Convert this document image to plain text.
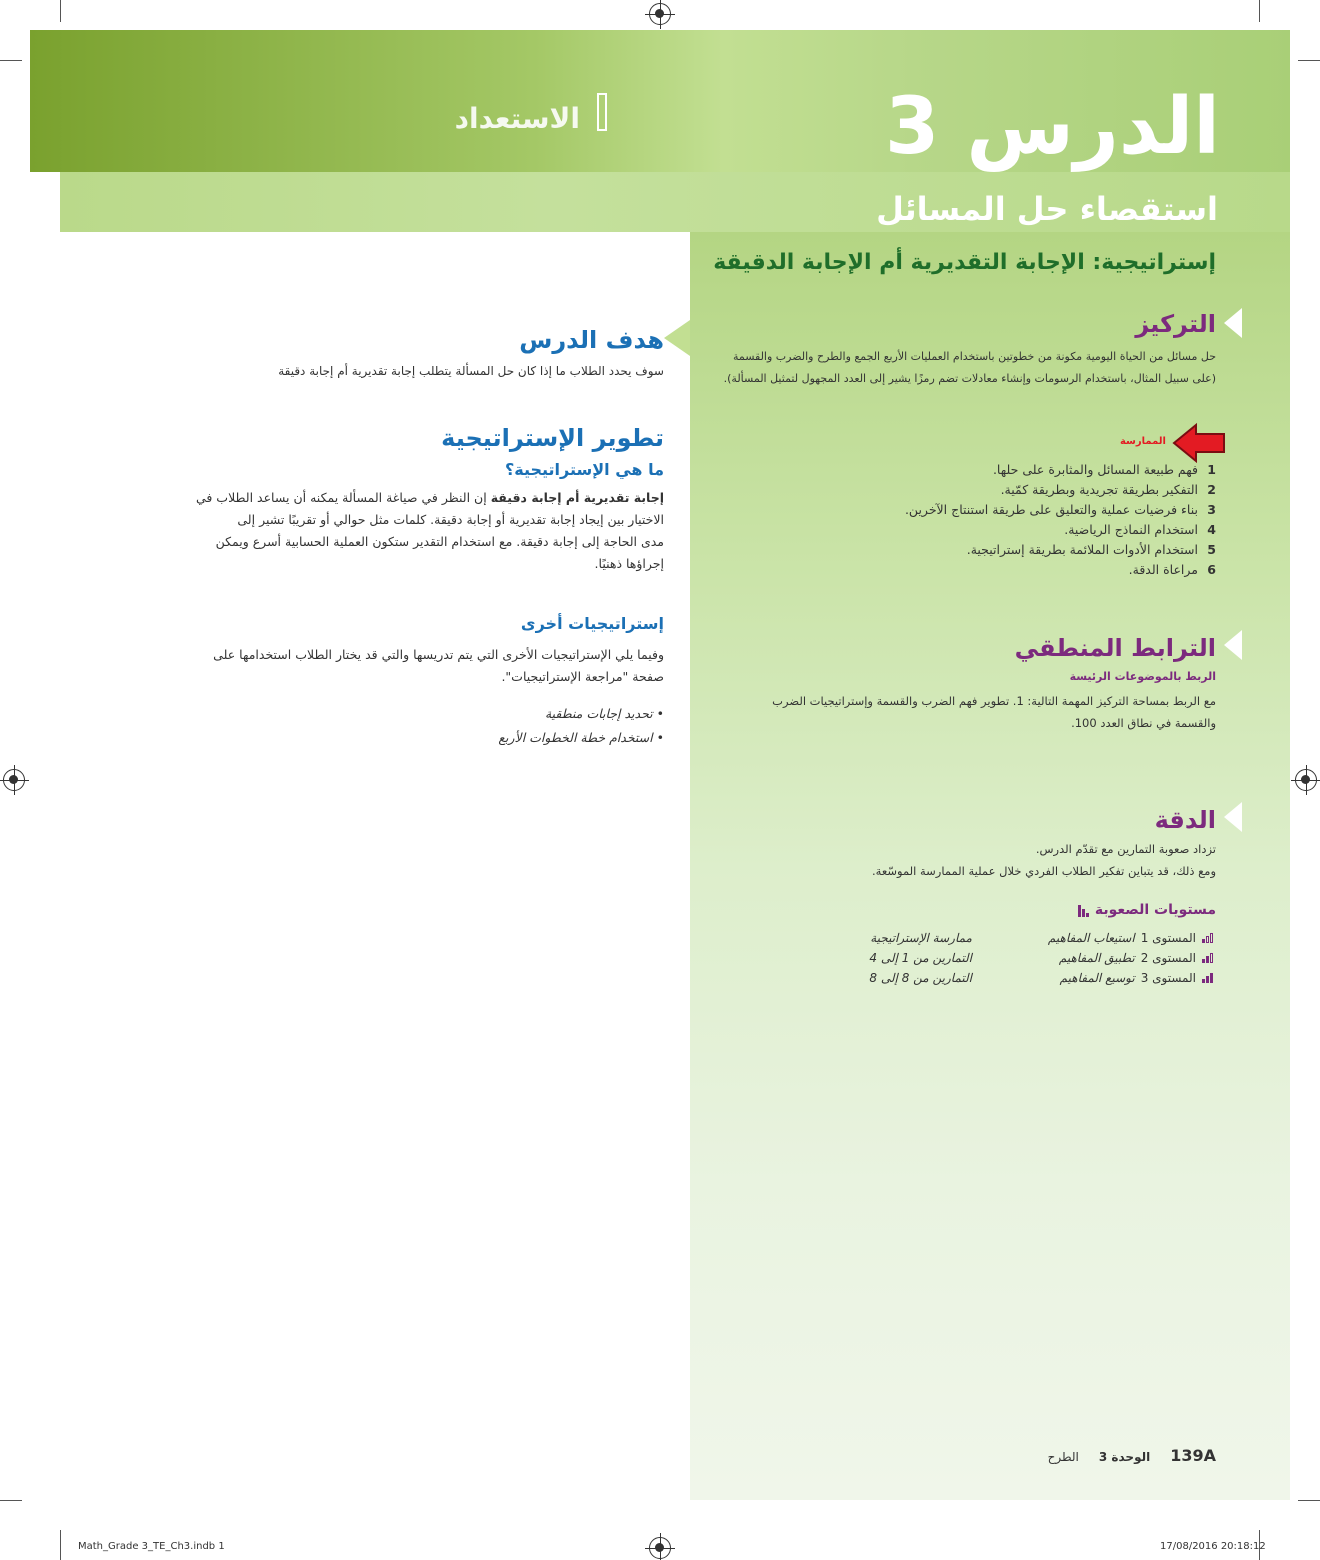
الدرس 3
الاستعداد
استقصاء حل المسائل
إستراتيجية: الإجابة التقديرية أم الإجابة الدقيقة
التركيز
حل مسائل من الحياة اليومية مكونة من خطوتين باستخدام العمليات الأربع الجمع والطرح والضرب والقسمة
(على سبيل المثال، باستخدام الرسومات وإنشاء معادلات تضم رمزًا يشير إلى العدد المجهول لتمثيل المسألة).
الممارسة
1فهم طبيعة المسائل والمثابرة على حلها.
2التفكير بطريقة تجريدية وبطريقة كمّية.
3بناء فرضيات عملية والتعليق على طريقة استنتاج الآخرين.
4استخدام النماذج الرياضية.
5استخدام الأدوات الملائمة بطريقة إستراتيجية.
6مراعاة الدقة.
الترابط المنطقي
الربط بالموضوعات الرئيسة
مع الربط بمساحة التركيز المهمة التالية: 1. تطوير فهم الضرب والقسمة وإستراتيجيات الضرب
والقسمة في نطاق العدد 100.
الدقة
تزداد صعوبة التمارين مع تقدّم الدرس.
ومع ذلك، قد يتباين تفكير الطلاب الفردي خلال عملية الممارسة الموسّعة.
مستويات الصعوبة
المستوى 1
استيعاب المفاهيم
ممارسة الإستراتيجية
المستوى 2
تطبيق المفاهيم
التمارين من 1 إلى 4
المستوى 3
توسيع المفاهيم
التمارين من 8 إلى 8
هدف الدرس
سوف يحدد الطلاب ما إذا كان حل المسألة يتطلب إجابة تقديرية أم إجابة دقيقة
تطوير الإستراتيجية
ما هي الإستراتيجية؟
إجابة تقديرية أم إجابة دقيقة إن النظر في صياغة المسألة يمكنه أن يساعد الطلاب في
الاختيار بين إيجاد إجابة تقديرية أو إجابة دقيقة. كلمات مثل حوالي أو تقريبًا تشير إلى
مدى الحاجة إلى إجابة دقيقة. مع استخدام التقدير ستكون العملية الحسابية أسرع ويمكن
إجراؤها ذهنيًا.
إستراتيجيات أخرى
وفيما يلي الإستراتيجيات الأخرى التي يتم تدريسها والتي قد يختار الطلاب استخدامها على
صفحة "مراجعة الإستراتيجيات".
• تحديد إجابات منطقية
• استخدام خطة الخطوات الأربع
139A
الوحدة 3
الطرح
Math_Grade 3_TE_Ch3.indb 1	17/08/2016 20:18:12
